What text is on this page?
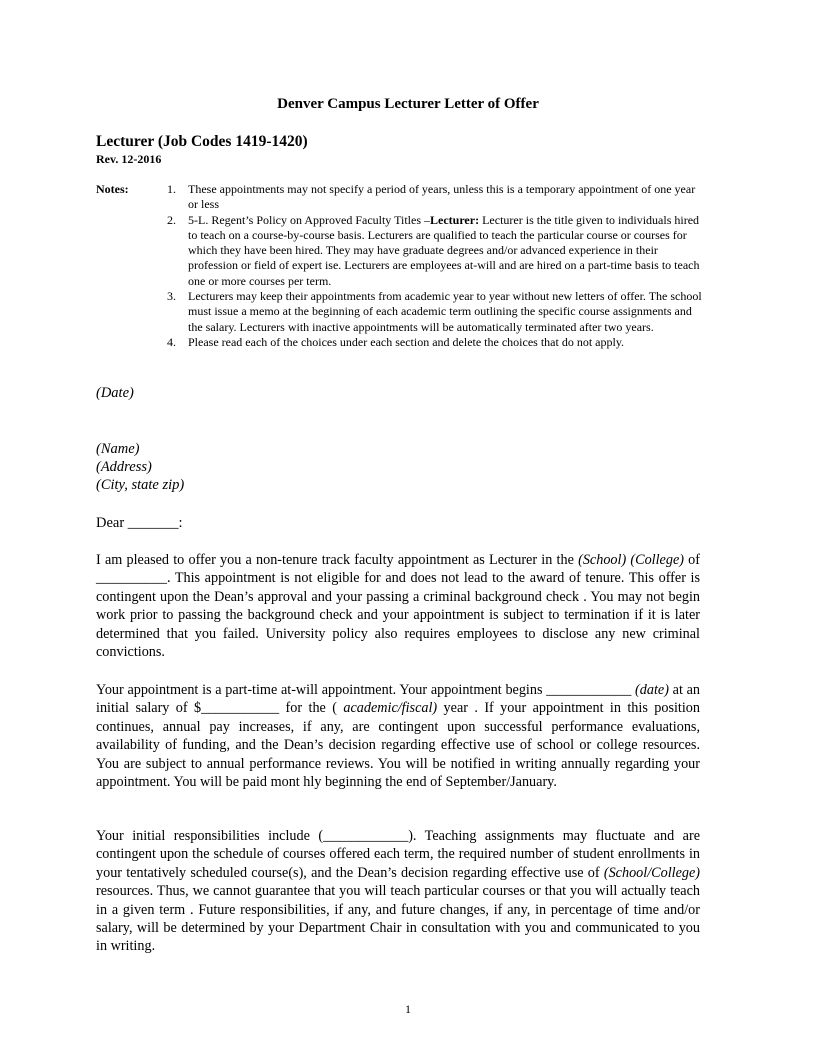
Denver Campus Lecturer Letter of Offer
Lecturer (Job Codes 1419-1420)
Rev. 12-2016
Notes:	1.	These appointments may not specify a period of years, unless this is a temporary appointment of one year or less
2.	5-L. Regent’s Policy on Approved Faculty Titles –Lecturer: Lecturer is the title given to individuals hired to teach on a course-by-course basis. Lecturers are qualified to teach the particular course or courses for which they have been hired. They may have graduate degrees and/or advanced experience in their profession or field of expert ise. Lecturers are employees at-will and are hired on a part-time basis to teach one or more courses per term.
3.	Lecturers may keep their appointments from academic year to year without new letters of offer. The school must issue a memo at the beginning of each academic term outlining the specific course assignments and the salary. Lecturers with inactive appointments will be automatically terminated after two years.
4.	Please read each of the choices under each section and delete the choices that do not apply.
(Date)
(Name)
(Address)
(City, state zip)
Dear _______:
I am pleased to offer you a non-tenure track faculty appointment as Lecturer in the (School) (College) of __________. This appointment is not eligible for and does not lead to the award of tenure. This offer is contingent upon the Dean’s approval and your passing a criminal background check . You may not begin work prior to passing the background check and your appointment is subject to termination if it is later determined that you failed. University policy also requires employees to disclose any new criminal convictions.
Your appointment is a part-time at-will appointment. Your appointment begins ____________ (date) at an initial salary of $___________ for the ( academic/fiscal) year . If your appointment in this position continues, annual pay increases, if any, are contingent upon successful performance evaluations, availability of funding, and the Dean’s decision regarding effective use of school or college resources. You are subject to annual performance reviews. You will be notified in writing annually regarding your appointment. You will be paid mont hly beginning the end of September/January.
Your initial responsibilities include (____________). Teaching assignments may fluctuate and are contingent upon the schedule of courses offered each term, the required number of student enrollments in your tentatively scheduled course(s), and the Dean’s decision regarding effective use of (School/College) resources. Thus, we cannot guarantee that you will teach particular courses or that you will actually teach in a given term . Future responsibilities, if any, and future changes, if any, in percentage of time and/or salary, will be determined by your Department Chair in consultation with you and communicated to you in writing.
1
